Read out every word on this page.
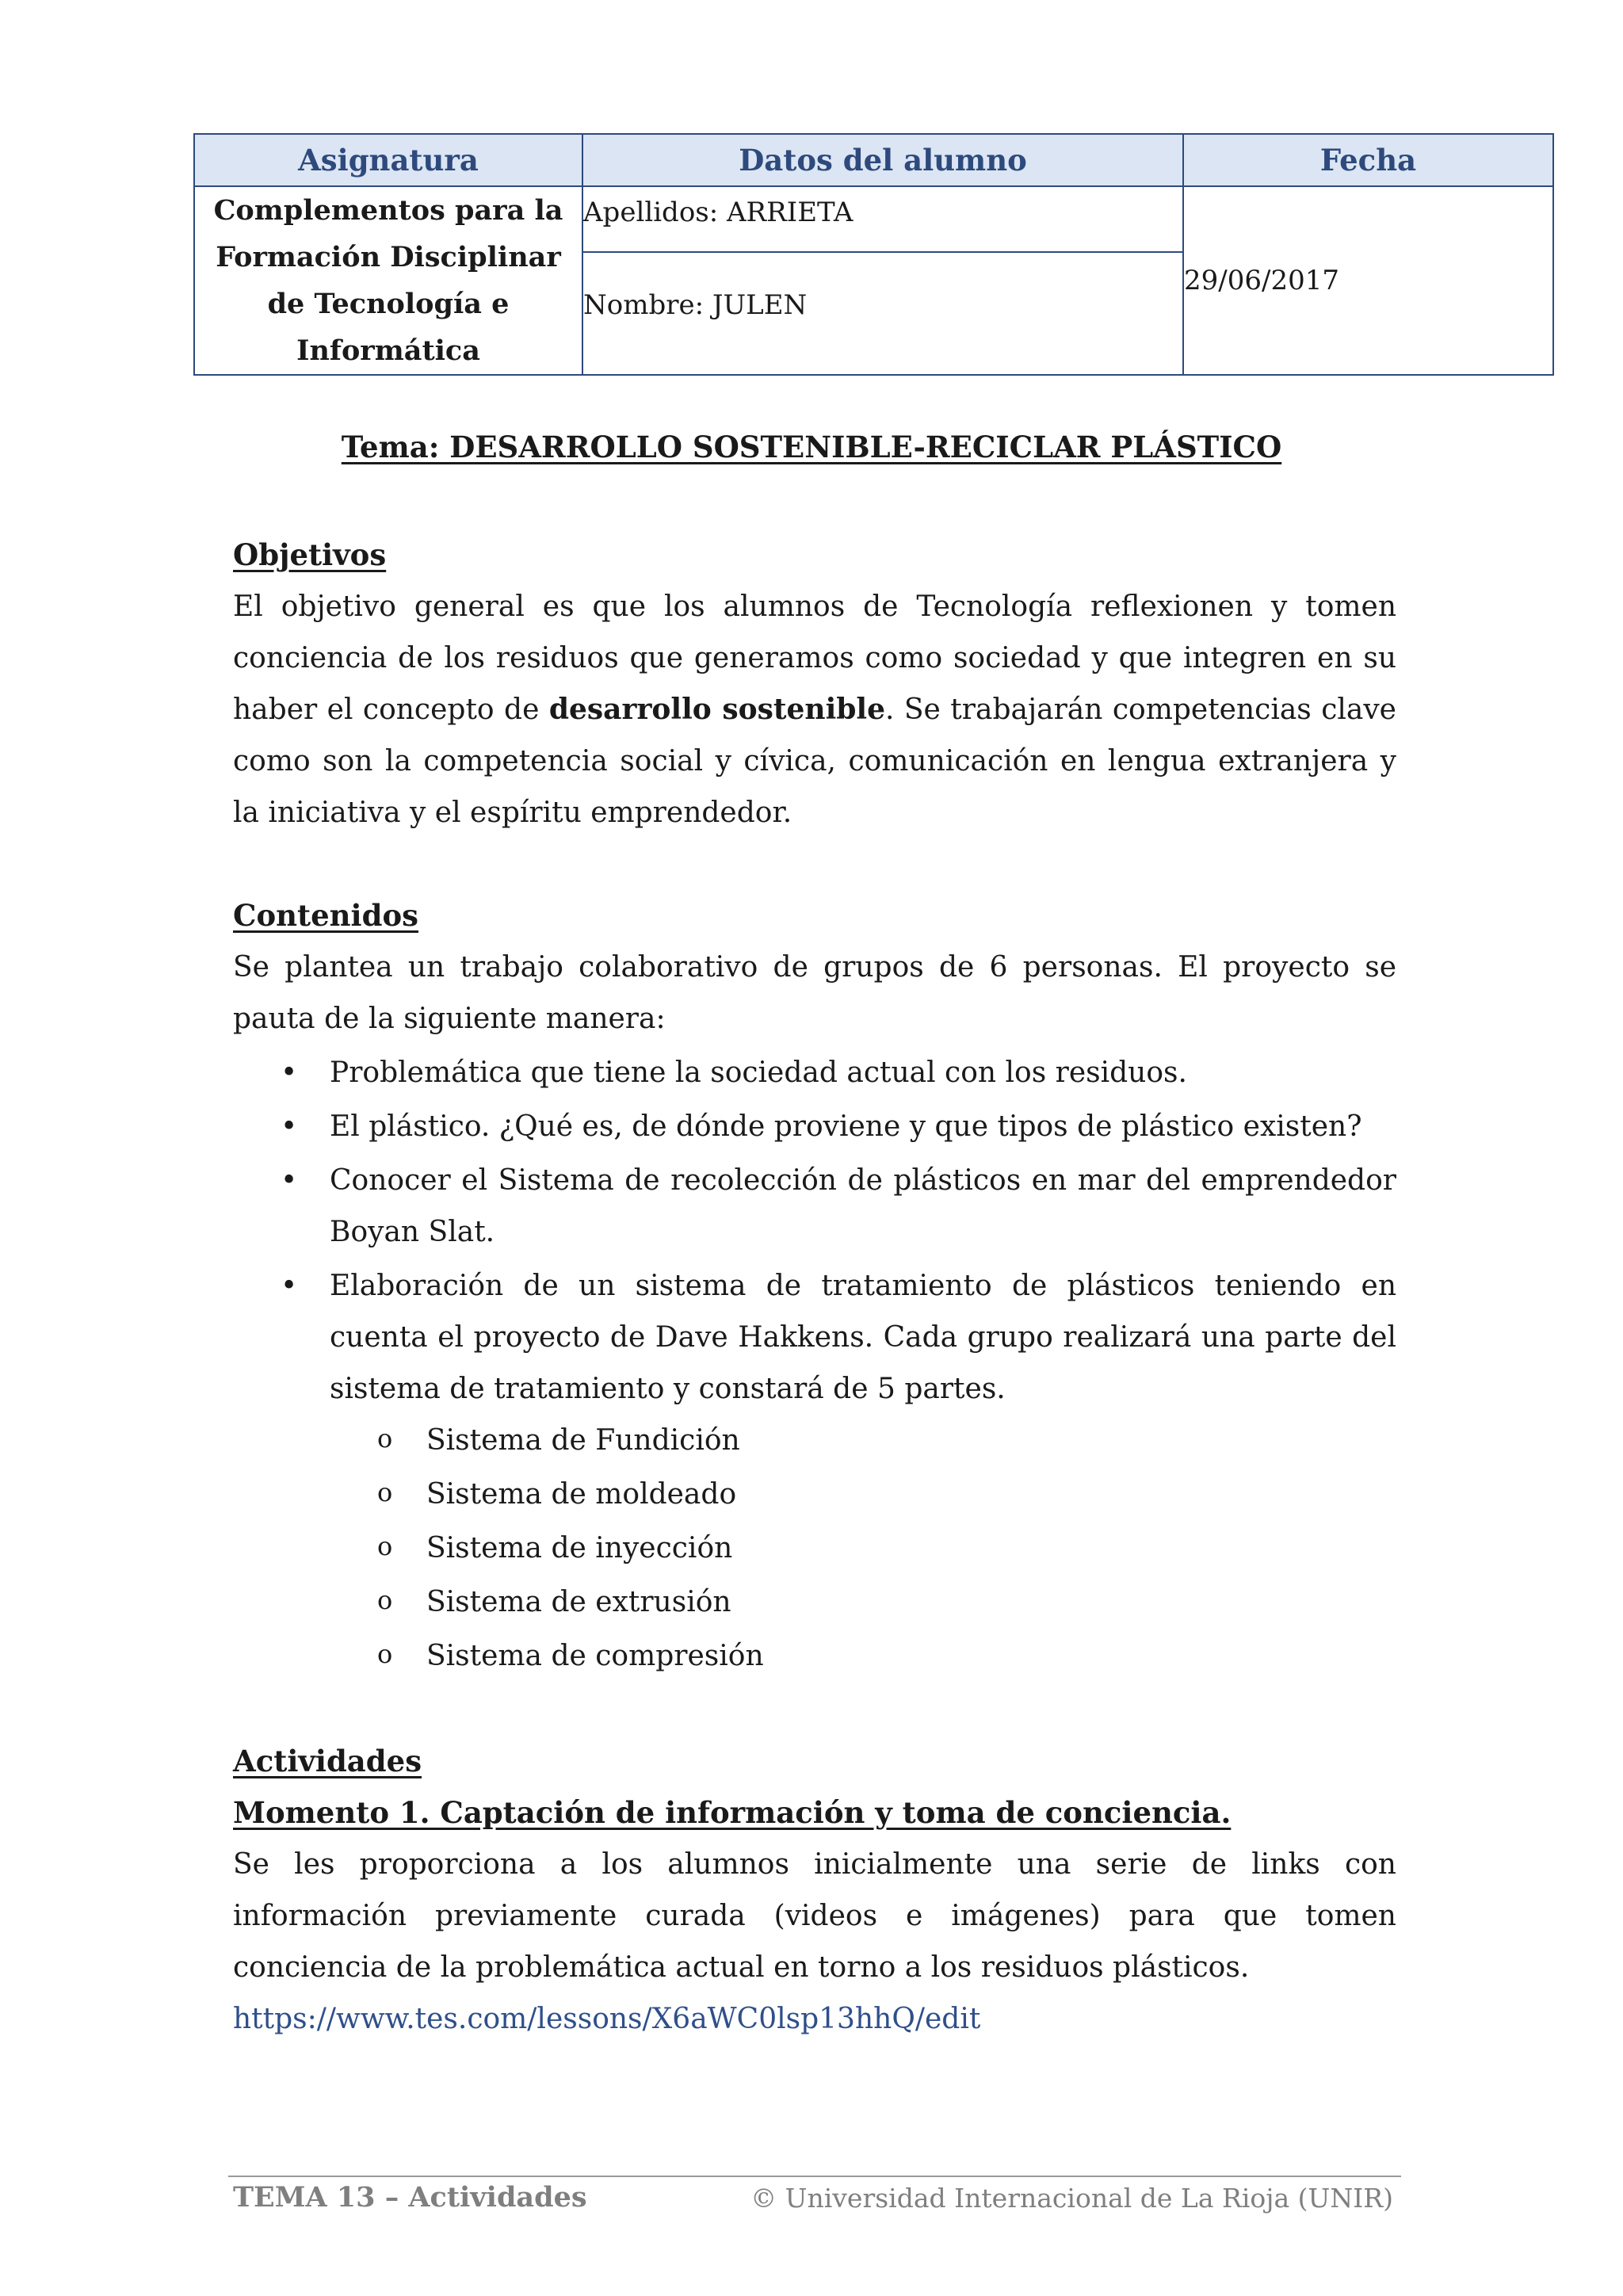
Asignatura	Datos del alumno	Fecha
Complementos para la Formación Disciplinar de Tecnología e Informática	Apellidos: ARRIETA	29/06/2017

	Nombre: JULEN	
Tema: DESARROLLO SOSTENIBLE-RECICLAR PLÁSTICO
Objetivos

El objetivo general es que los alumnos de Tecnología reflexionen y tomen conciencia de los residuos que generamos como sociedad y que integren en su haber el concepto de desarrollo sostenible. Se trabajarán competencias clave como son la competencia social y cívica, comunicación en lengua extranjera y la iniciativa y el espíritu emprendedor.

Contenidos

Se plantea un trabajo colaborativo de grupos de 6 personas. El proyecto se pauta de la siguiente manera:

• Problemática que tiene la sociedad actual con los residuos.
• El plástico. ¿Qué es, de dónde proviene y que tipos de plástico existen?
• Conocer el Sistema de recolección de plásticos en mar del emprendedor Boyan Slat.
• Elaboración de un sistema de tratamiento de plásticos teniendo en cuenta el proyecto de Dave Hakkens. Cada grupo realizará una parte del sistema de tratamiento y constará de 5 partes.
o Sistema de Fundición
o Sistema de moldeado
o Sistema de inyección
o Sistema de extrusión
o Sistema de compresión
Actividades
Momento 1. Captación de información y toma de conciencia.

Se les proporciona a los alumnos inicialmente una serie de links con información previamente curada (videos e imágenes) para que tomen conciencia de la problemática actual en torno a los residuos plásticos.

https://www.tes.com/lessons/X6aWC0lsp13hhQ/edit
TEMA 13 – Actividades	© Universidad Internacional de La Rioja (UNIR)
